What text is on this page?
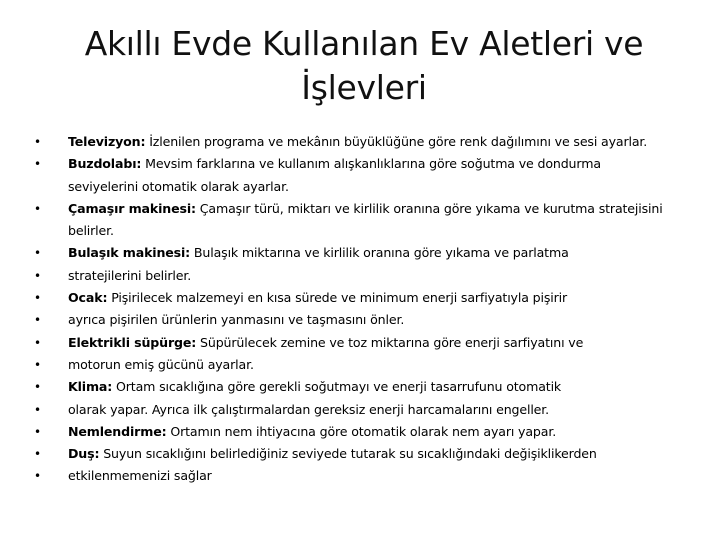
Akıllı Evde Kullanılan Ev Aletleri ve
İşlevleri
•	Televizyon: İzlenilen programa ve mekânın büyüklüğüne göre renk dağılımını ve sesi ayarlar.
•	Buzdolabı: Mevsim farklarına ve kullanım alışkanlıklarına göre soğutma ve dondurma
seviyelerini otomatik olarak ayarlar.
•	Çamaşır makinesi: Çamaşır türü, miktarı ve kirlilik oranına göre yıkama ve kurutma stratejisini
belirler.
•	Bulaşık makinesi: Bulaşık miktarına ve kirlilik oranına göre yıkama ve parlatma
•	stratejilerini belirler.
•	Ocak: Pişirilecek malzemeyi en kısa sürede ve minimum enerji sarfiyatıyla pişirir
•	ayrıca pişirilen ürünlerin yanmasını ve taşmasını önler.
•	Elektrikli süpürge: Süpürülecek zemine ve toz miktarına göre enerji sarfiyatını ve
•	motorun emiş gücünü ayarlar.
•	Klima: Ortam sıcaklığına göre gerekli soğutmayı ve enerji tasarrufunu otomatik
•	olarak yapar. Ayrıca ilk çalıştırmalardan gereksiz enerji harcamalarını engeller.
•	Nemlendirme: Ortamın nem ihtiyacına göre otomatik olarak nem ayarı yapar.
•	Duş: Suyun sıcaklığını belirlediğiniz seviyede tutarak su sıcaklığındaki değişiklikerden
•	etkilenmemenizi sağlar
